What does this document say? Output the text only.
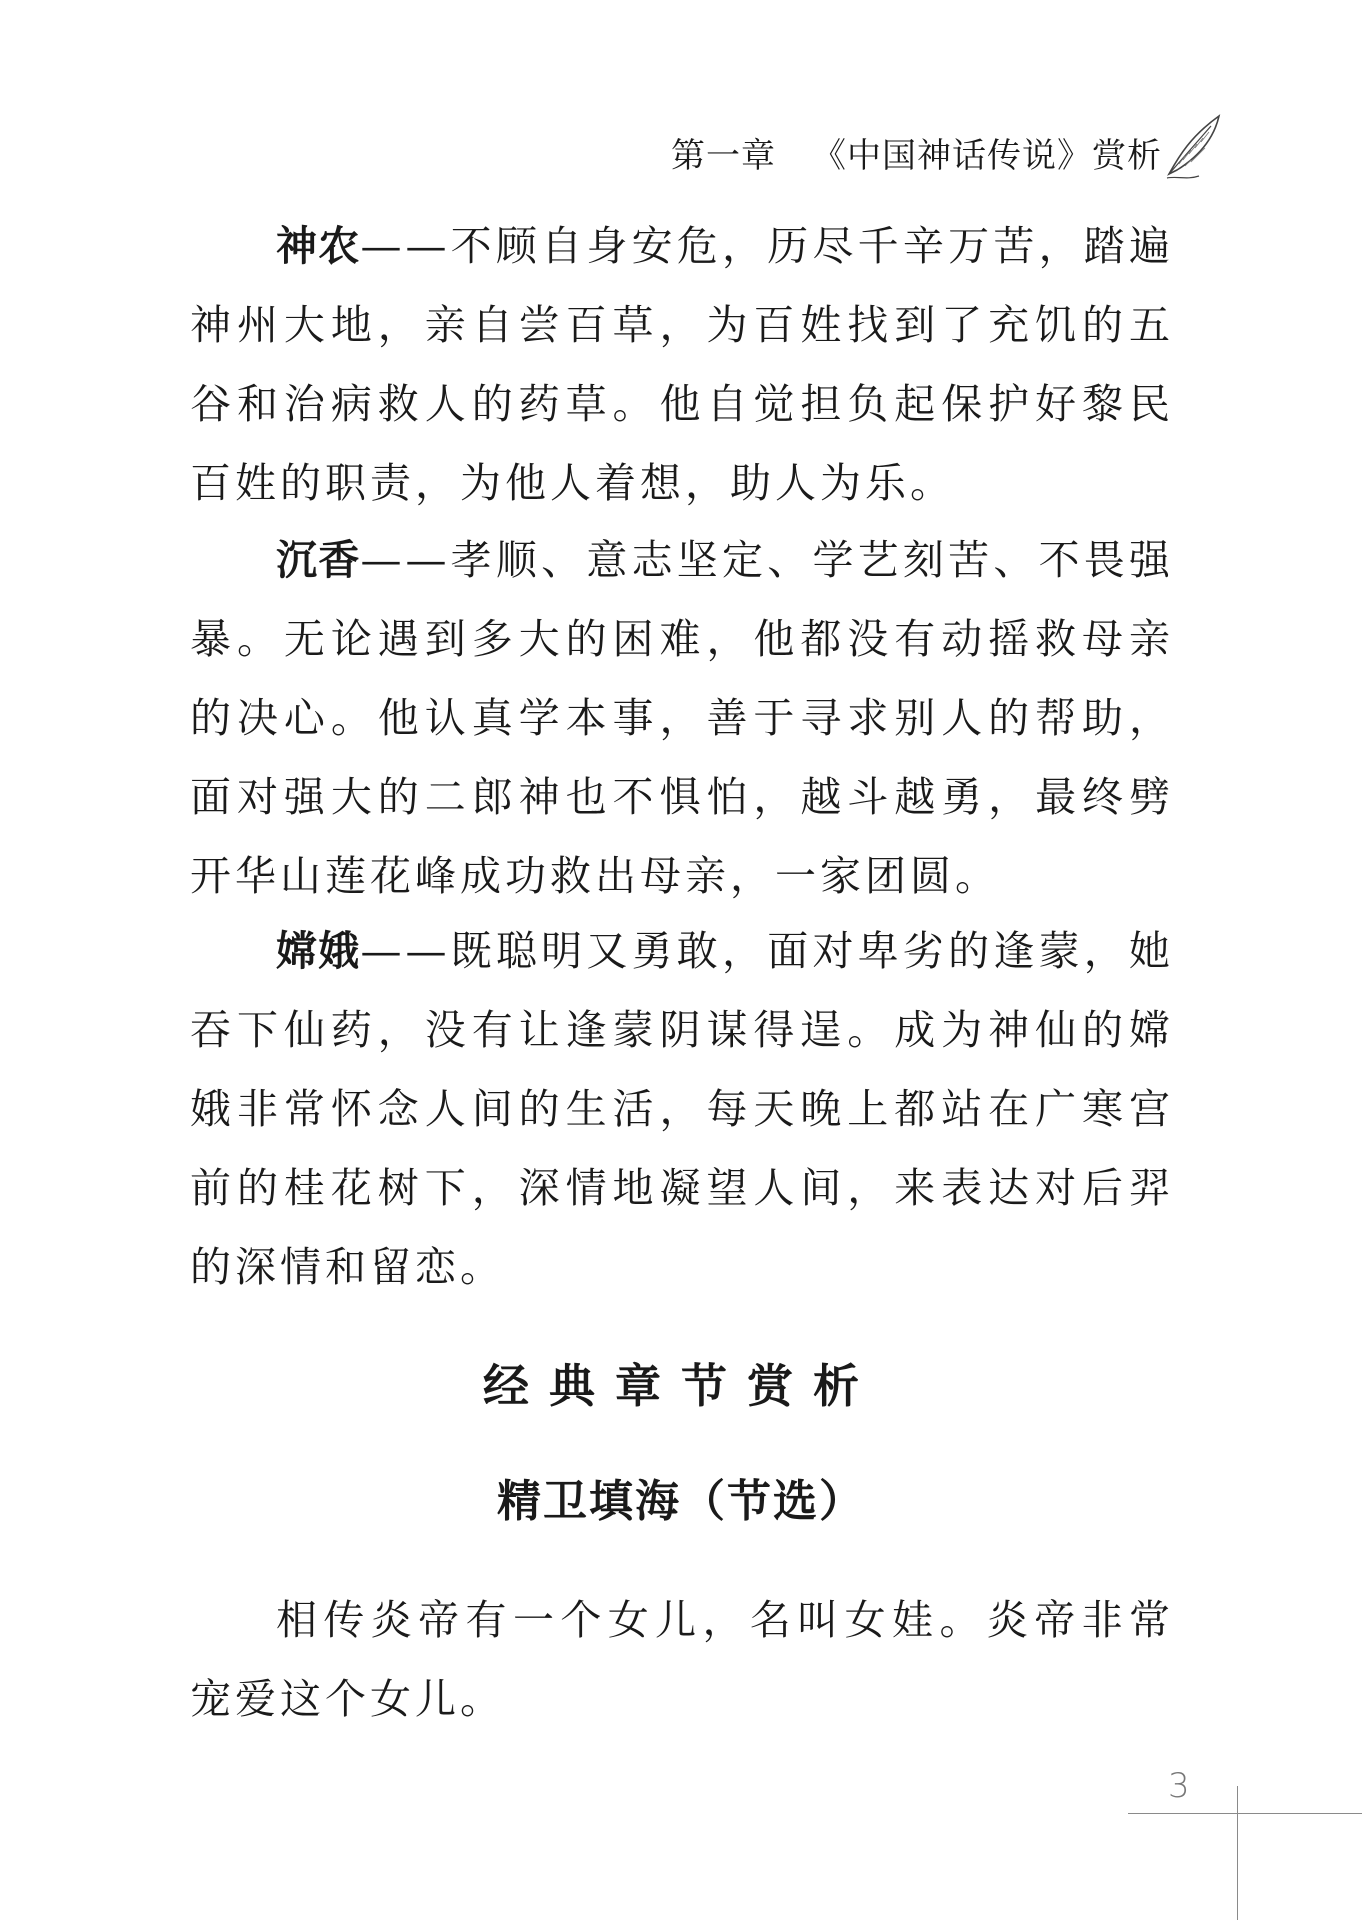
第一章 《中国神话传说》赏析

神农——不顾自身安危，历尽千辛万苦，踏遍神州大地，亲自尝百草，为百姓找到了充饥的五谷和治病救人的药草。他自觉担负起保护好黎民百姓的职责，为他人着想，助人为乐。

沉香——孝顺、意志坚定、学艺刻苦、不畏强暴。无论遇到多大的困难，他都没有动摇救母亲的决心。他认真学本事，善于寻求别人的帮助，面对强大的二郎神也不惧怕，越斗越勇，最终劈开华山莲花峰成功救出母亲，一家团圆。

嫦娥——既聪明又勇敢，面对卑劣的逢蒙，她吞下仙药，没有让逢蒙阴谋得逞。成为神仙的嫦娥非常怀念人间的生活，每天晚上都站在广寒宫前的桂花树下，深情地凝望人间，来表达对后羿的深情和留恋。

经典章节赏析
精卫填海（节选）

相传炎帝有一个女儿，名叫女娃。炎帝非常宠爱这个女儿。

3
